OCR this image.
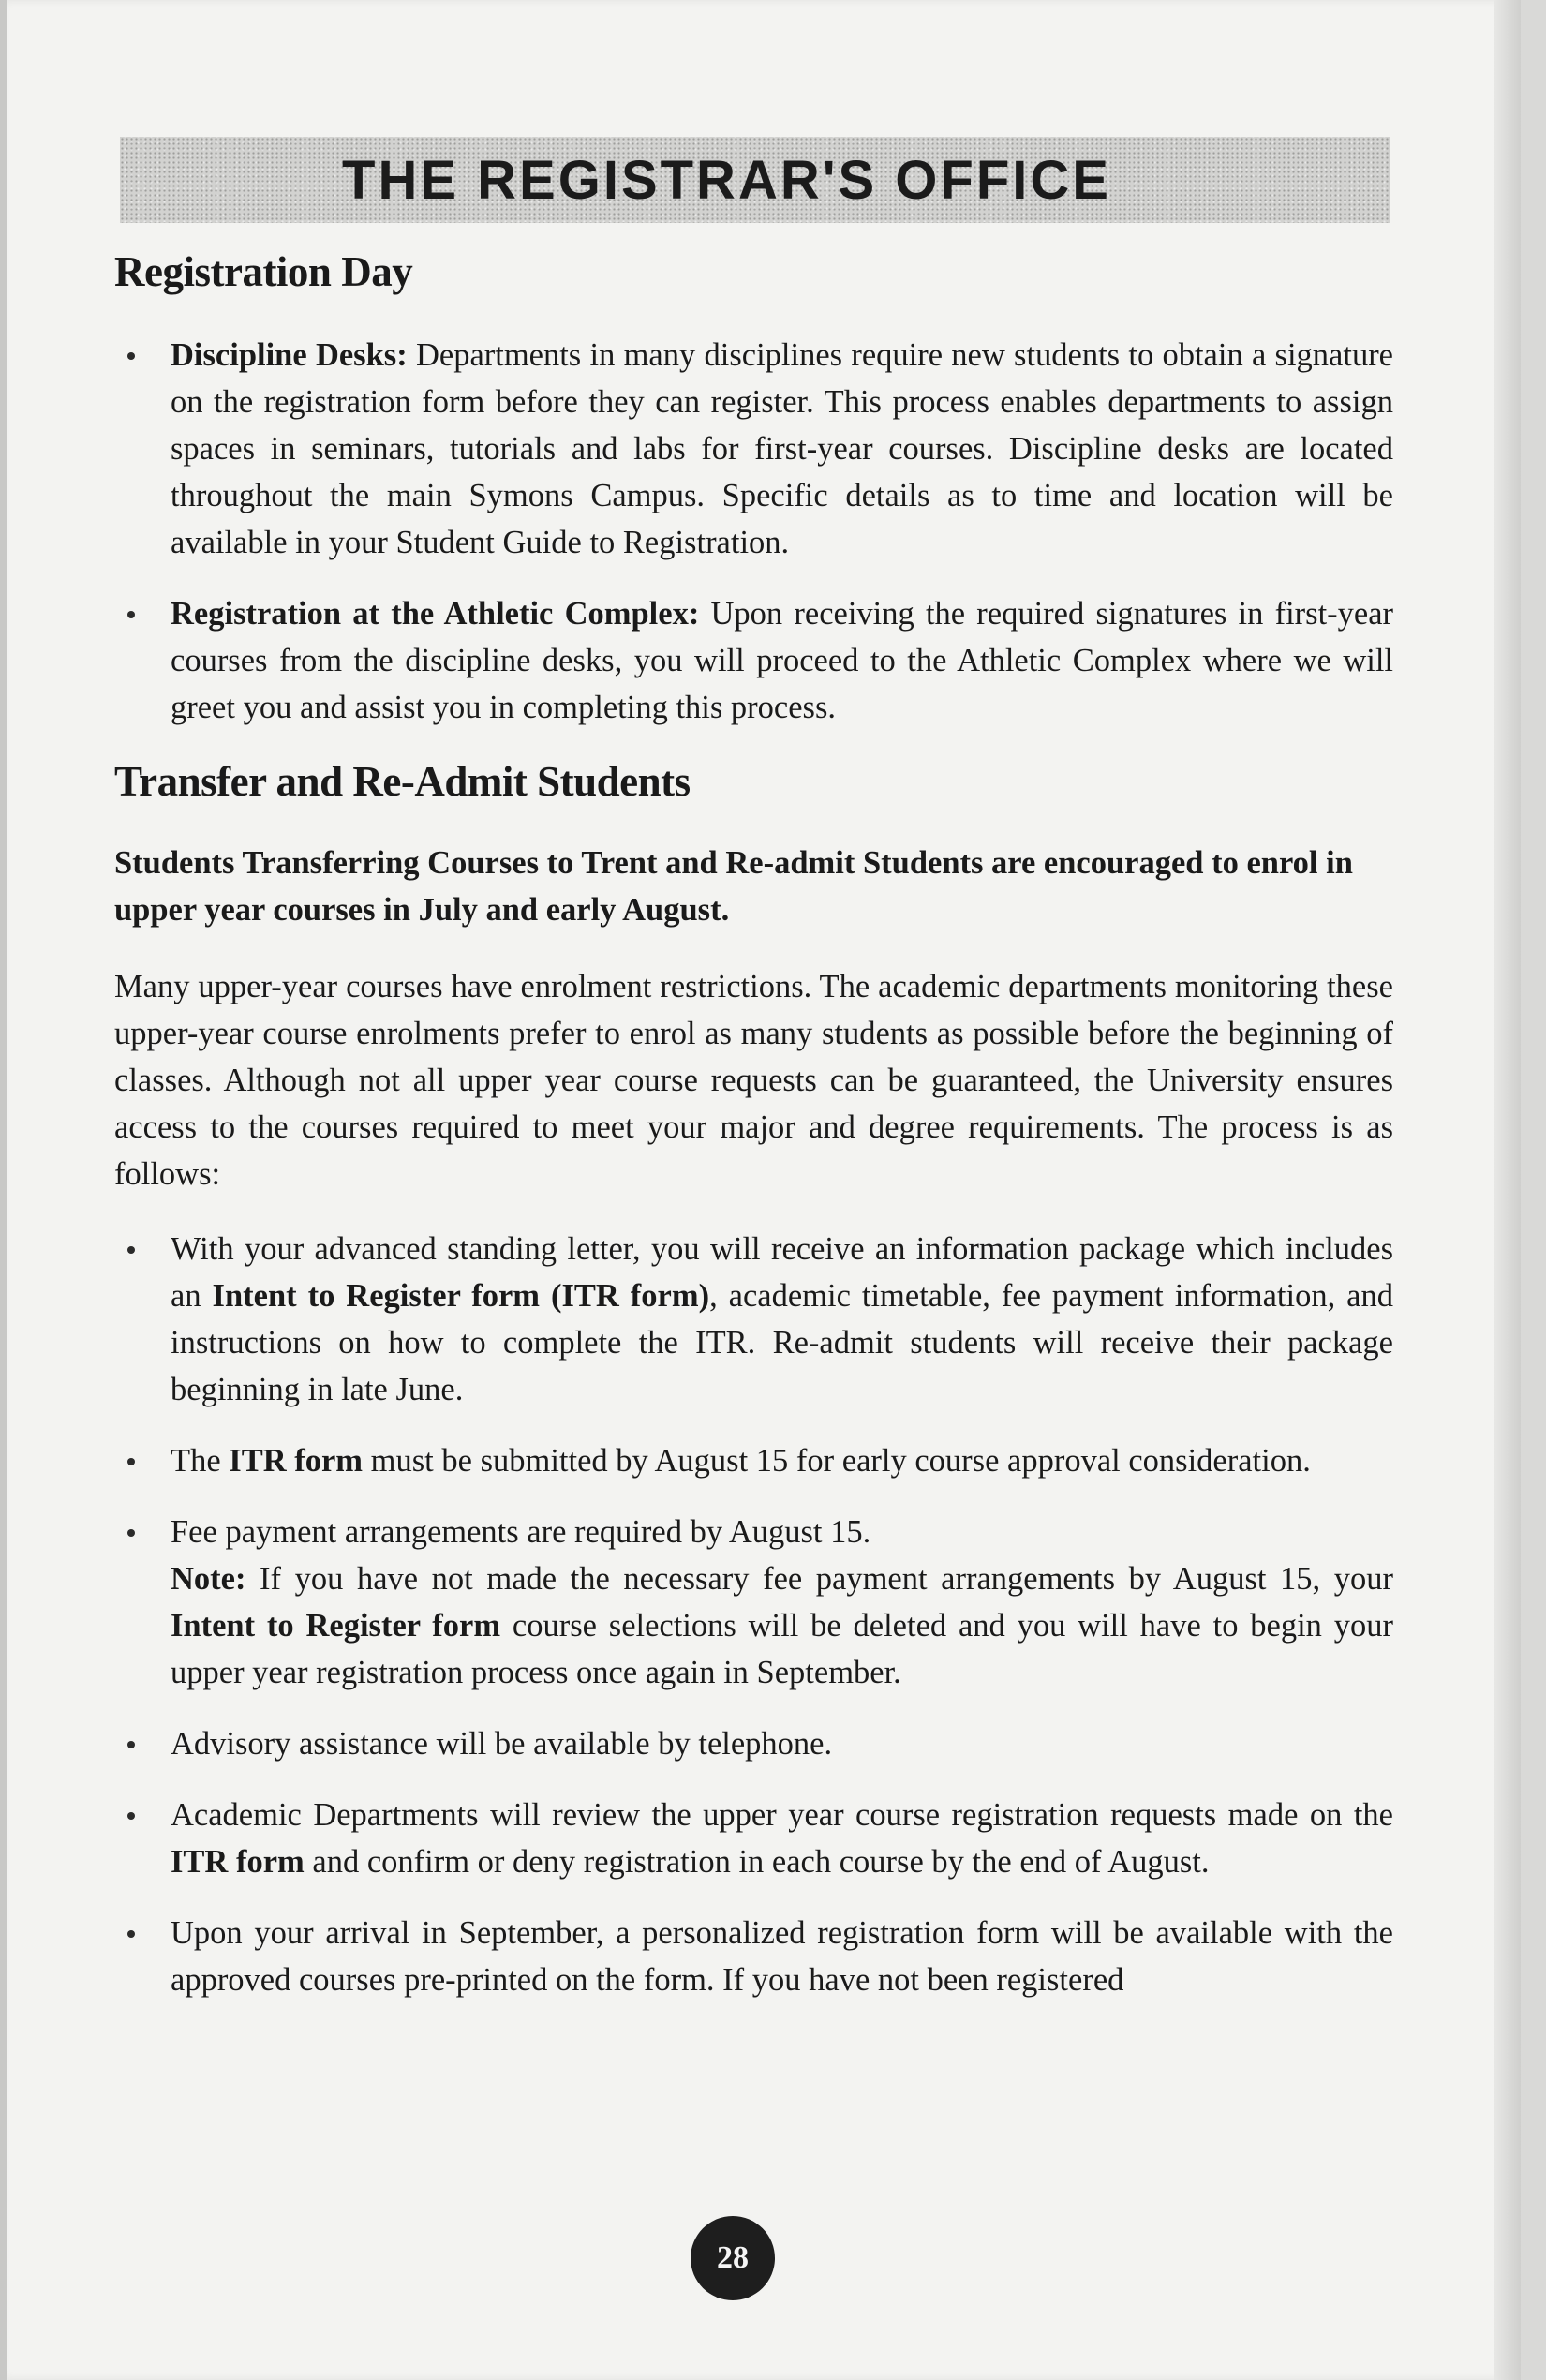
THE REGISTRAR'S OFFICE
Registration Day
Discipline Desks: Departments in many disciplines require new students to obtain a signature on the registration form before they can register. This process enables departments to assign spaces in seminars, tutorials and labs for first-year courses. Discipline desks are located throughout the main Symons Campus. Specific details as to time and location will be available in your Student Guide to Registration.
Registration at the Athletic Complex: Upon receiving the required signatures in first-year courses from the discipline desks, you will proceed to the Athletic Complex where we will greet you and assist you in completing this process.
Transfer and Re-Admit Students

Students Transferring Courses to Trent and Re-admit Students are encouraged to enrol in upper year courses in July and early August.

Many upper-year courses have enrolment restrictions. The academic departments monitoring these upper-year course enrolments prefer to enrol as many students as possible before the beginning of classes. Although not all upper year course requests can be guaranteed, the University ensures access to the courses required to meet your major and degree requirements. The process is as follows:

With your advanced standing letter, you will receive an information package which includes an Intent to Register form (ITR form), academic timetable, fee payment information, and instructions on how to complete the ITR. Re-admit students will receive their package beginning in late June.
The ITR form must be submitted by August 15 for early course approval consideration.
Fee payment arrangements are required by August 15.
Note: If you have not made the necessary fee payment arrangements by August 15, your Intent to Register form course selections will be deleted and you will have to begin your upper year registration process once again in September.
Advisory assistance will be available by telephone.
Academic Departments will review the upper year course registration requests made on the ITR form and confirm or deny registration in each course by the end of August.
Upon your arrival in September, a personalized registration form will be available with the approved courses pre-printed on the form. If you have not been registered
28
